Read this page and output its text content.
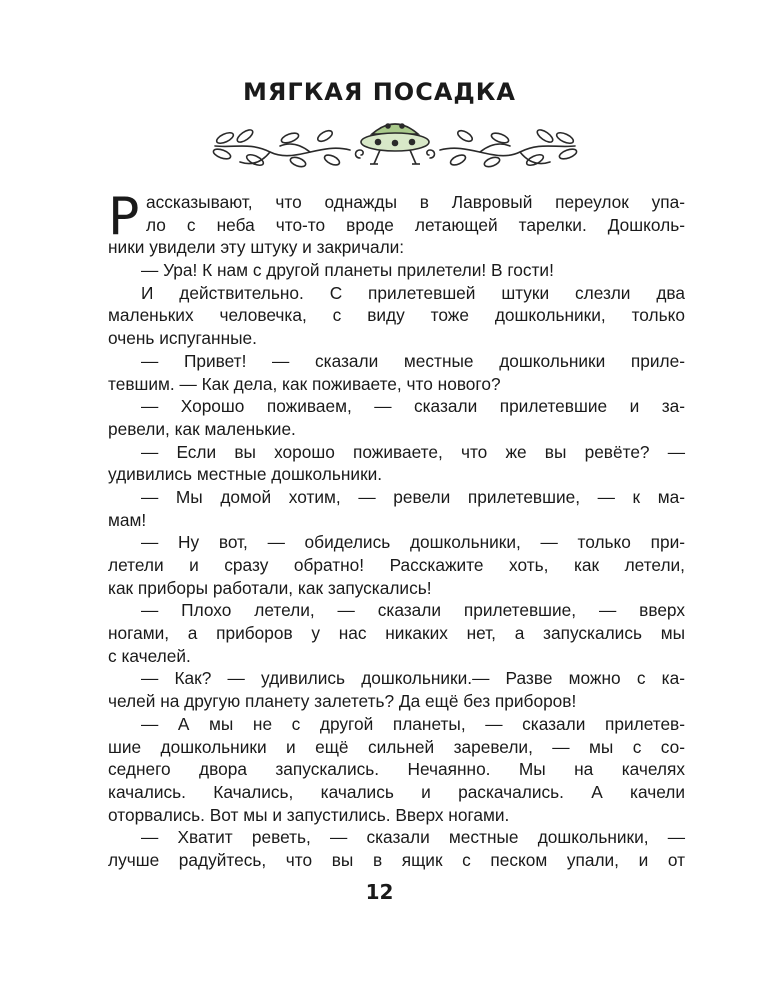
МЯГКАЯ ПОСАДКА
Р ассказывают, что однажды в Лавровый переулок упа-
ло с неба что-то вроде летающей тарелки. Дошколь-
ники увидели эту штуку и закричали:
— Ура! К нам с другой планеты прилетели! В гости!
И действительно. С прилетевшей штуки слезли два
маленьких человечка, с виду тоже дошкольники, только
очень испуганные.
— Привет! — сказали местные дошкольники приле-
тевшим. — Как дела, как поживаете, что нового?
— Хорошо поживаем, — сказали прилетевшие и за-
ревели, как маленькие.
— Если вы хорошо поживаете, что же вы ревёте? —
удивились местные дошкольники.
— Мы домой хотим, — ревели прилетевшие, — к ма-
мам!
— Ну вот, — обиделись дошкольники, — только при-
летели и сразу обратно! Расскажите хоть, как летели,
как приборы работали, как запускались!
— Плохо летели, — сказали прилетевшие, — вверх
ногами, а приборов у нас никаких нет, а запускались мы
с качелей.
— Как? — удивились дошкольники.— Разве можно с ка-
челей на другую планету залететь? Да ещё без приборов!
— А мы не с другой планеты, — сказали прилетев-
шие дошкольники и ещё сильней заревели, — мы с со-
седнего двора запускались. Нечаянно. Мы на качелях
качались. Качались, качались и раскачались. А качели
оторвались. Вот мы и запустились. Вверх ногами.
— Хватит реветь, — сказали местные дошкольники, —
лучше радуйтесь, что вы в ящик с песком упали, и от
12
